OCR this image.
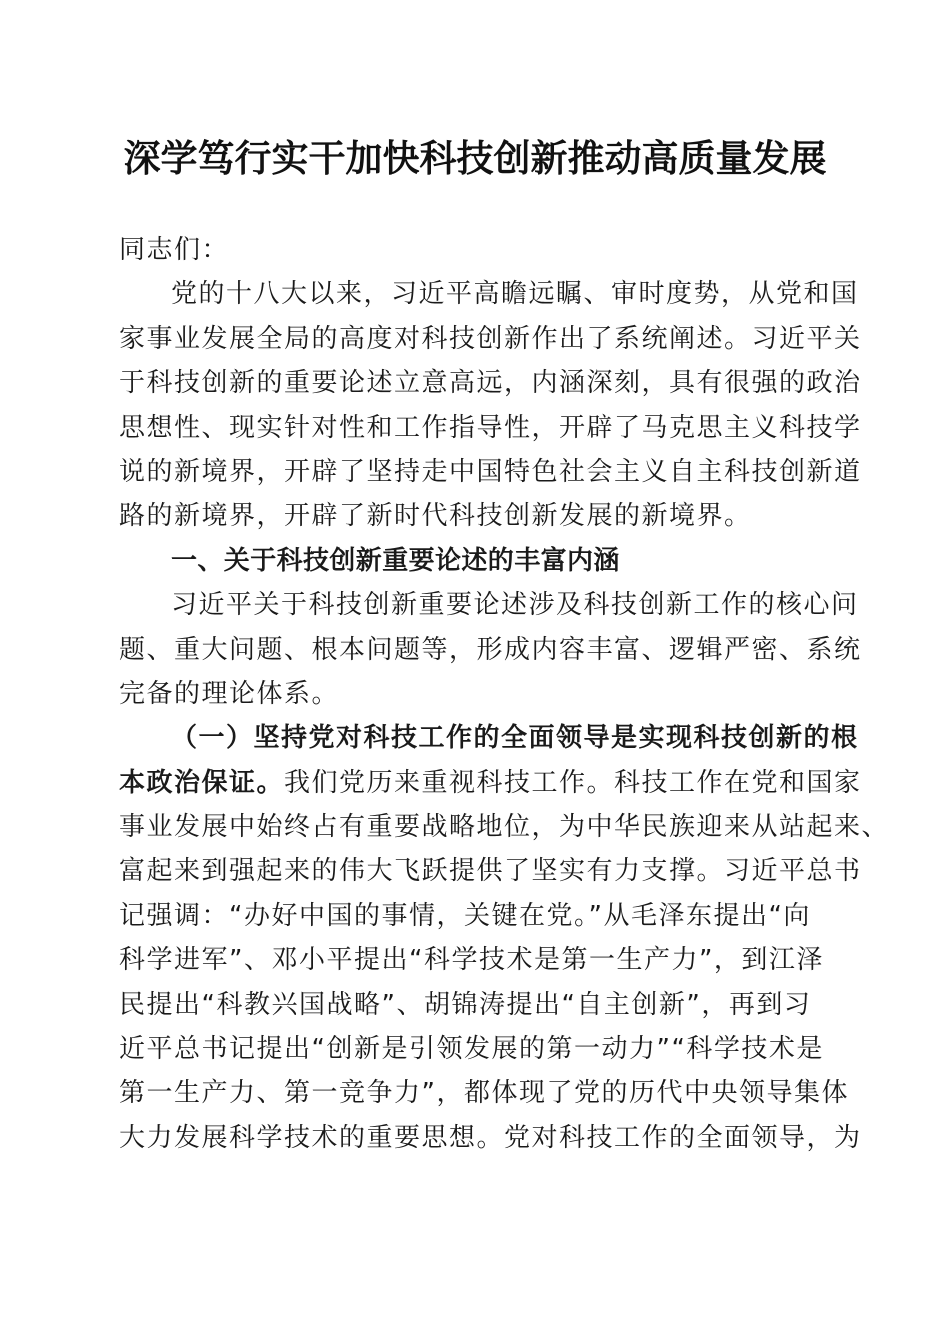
深学笃行实干加快科技创新推动高质量发展
同志们：
党的十八大以来，习近平高瞻远瞩、审时度势，从党和国
家事业发展全局的高度对科技创新作出了系统阐述。习近平关
于科技创新的重要论述立意高远，内涵深刻，具有很强的政治
思想性、现实针对性和工作指导性，开辟了马克思主义科技学
说的新境界，开辟了坚持走中国特色社会主义自主科技创新道
路的新境界，开辟了新时代科技创新发展的新境界。
一、关于科技创新重要论述的丰富内涵
习近平关于科技创新重要论述涉及科技创新工作的核心问
题、重大问题、根本问题等，形成内容丰富、逻辑严密、系统
完备的理论体系。
（一）坚持党对科技工作的全面领导是实现科技创新的根
本政治保证。我们党历来重视科技工作。科技工作在党和国家
事业发展中始终占有重要战略地位，为中华民族迎来从站起来、
富起来到强起来的伟大飞跃提供了坚实有力支撑。习近平总书
记强调：“办好中国的事情，关键在党。”从毛泽东提出“向
科学进军”、邓小平提出“科学技术是第一生产力”，到江泽
民提出“科教兴国战略”、胡锦涛提出“自主创新”，再到习
近平总书记提出“创新是引领发展的第一动力”“科学技术是
第一生产力、第一竞争力”，都体现了党的历代中央领导集体
大力发展科学技术的重要思想。党对科技工作的全面领导，为
